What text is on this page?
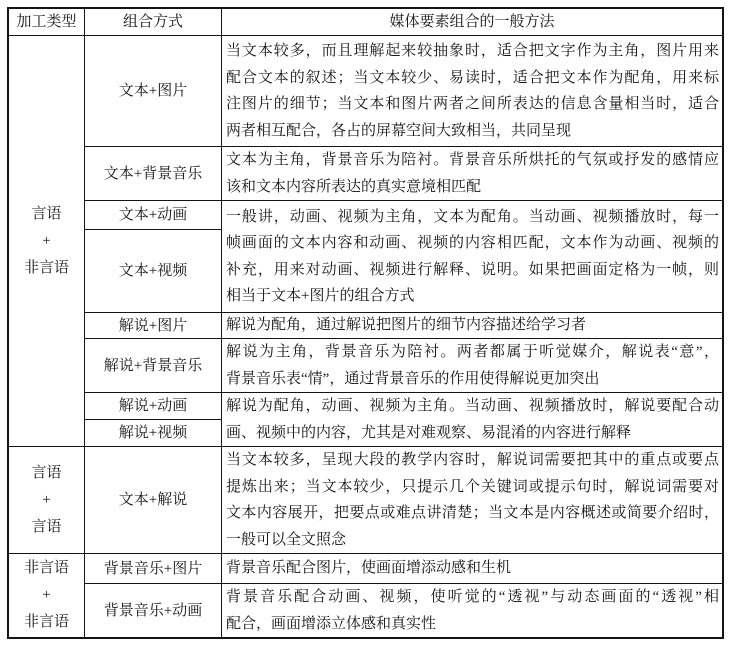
加工类型	组合方式	媒体要素组合的一般方法
言语
+
非言语
言语
+
言语
非言语
+
非言语
文本+图片
文本+背景音乐
文本+动画
文本+视频
解说+图片
解说+背景音乐
解说+动画
解说+视频
文本+解说
背景音乐+图片
背景音乐+动画
当文本较多，而且理解起来较抽象时，适合把文字作为主角，图片用来
配合文本的叙述；当文本较少、易读时，适合把文本作为配角，用来标
注图片的细节；当文本和图片两者之间所表达的信息含量相当时，适合
两者相互配合，各占的屏幕空间大致相当，共同呈现
文本为主角，背景音乐为陪衬。背景音乐所烘托的气氛或抒发的感情应
该和文本内容所表达的真实意境相匹配
一般讲，动画、视频为主角，文本为配角。当动画、视频播放时，每一
帧画面的文本内容和动画、视频的内容相匹配，文本作为动画、视频的
补充，用来对动画、视频进行解释、说明。如果把画面定格为一帧，则
相当于文本+图片的组合方式
解说为配角，通过解说把图片的细节内容描述给学习者
解说为主角，背景音乐为陪衬。两者都属于听觉媒介，解说表“意”，
背景音乐表“情”，通过背景音乐的作用使得解说更加突出
解说为配角，动画、视频为主角。当动画、视频播放时，解说要配合动
画、视频中的内容，尤其是对难观察、易混淆的内容进行解释
当文本较多，呈现大段的教学内容时，解说词需要把其中的重点或要点
提炼出来；当文本较少，只提示几个关键词或提示句时，解说词需要对
文本内容展开，把要点或难点讲清楚；当文本是内容概述或简要介绍时，
一般可以全文照念
背景音乐配合图片，使画面增添动感和生机
背景音乐配合动画、视频，使听觉的“透视”与动态画面的“透视”相
配合，画面增添立体感和真实性
